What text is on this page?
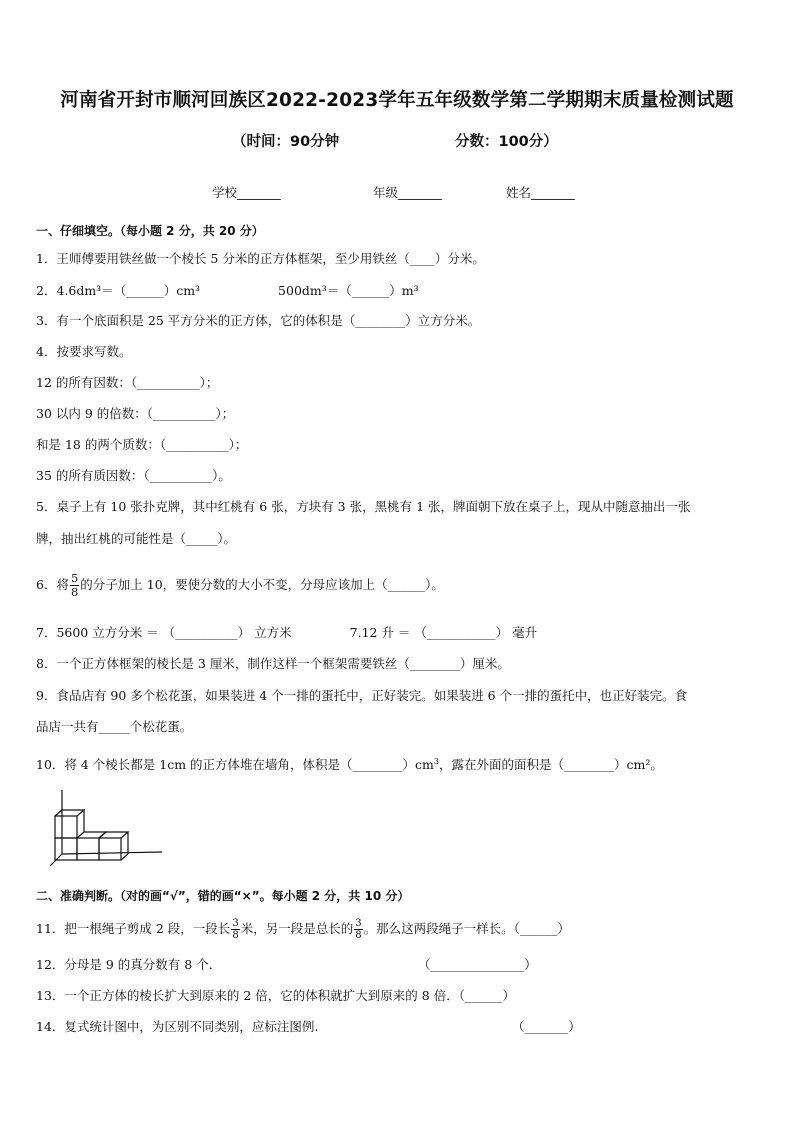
河南省开封市顺河回族区2022-2023学年五年级数学第二学期期末质量检测试题
（时间：90分钟	分数：100分）
学校_______	年级_______	姓名_______
一、仔细填空。（每小题 2 分，共 20 分）
1．王师傅要用铁丝做一个棱长 5 分米的正方体框架，至少用铁丝（____）分米。
2．4.6dm³＝（______）cm³	500dm³＝（______）m³
3．有一个底面积是 25 平方分米的正方体，它的体积是（________）立方分米。
4．按要求写数。
12 的所有因数：（__________）；
30 以内 9 的倍数：（__________）；
和是 18 的两个质数：（__________）；
35 的所有质因数：（__________）。
5．桌子上有 10 张扑克牌，其中红桃有 6 张，方块有 3 张，黑桃有 1 张，牌面朝下放在桌子上，现从中随意抽出一张
牌，抽出红桃的可能性是（_____）。
6．将 $\frac{5}{8}$ 的分子加上 10，要使分数的大小不变，分母应该加上（______）。
7．5600 立方分米 ＝ （__________） 立方米	7.12 升 ＝ （___________） 毫升
8．一个正方体框架的棱长是 3 厘米，制作这样一个框架需要铁丝（________）厘米。
9．食品店有 90 多个松花蛋，如果装进 4 个一排的蛋托中，正好装完。如果装进 6 个一排的蛋托中，也正好装完。食
品店一共有_____个松花蛋。
10．将 4 个棱长都是 1cm 的正方体堆在墙角，体积是$(\_\_\_\_\_\_\_\_)cm^3$，露在外面的面积是（________）cm²。
二、准确判断。（对的画“√”，错的画“×”。每小题 2 分，共 10 分）
11．把一根绳子剪成 2 段，一段长 $\frac{3}{8}$ 米，另一段是总长的 $\frac{3}{8}$ 。那么这两段绳子一样长。（______）
12．分母是 9 的真分数有 8 个．	（_______________）
13．一个正方体的棱长扩大到原来的 2 倍，它的体积就扩大到原来的 8 倍．（______）
14．复式统计图中，为区别不同类别，应标注图例.	（_______）
